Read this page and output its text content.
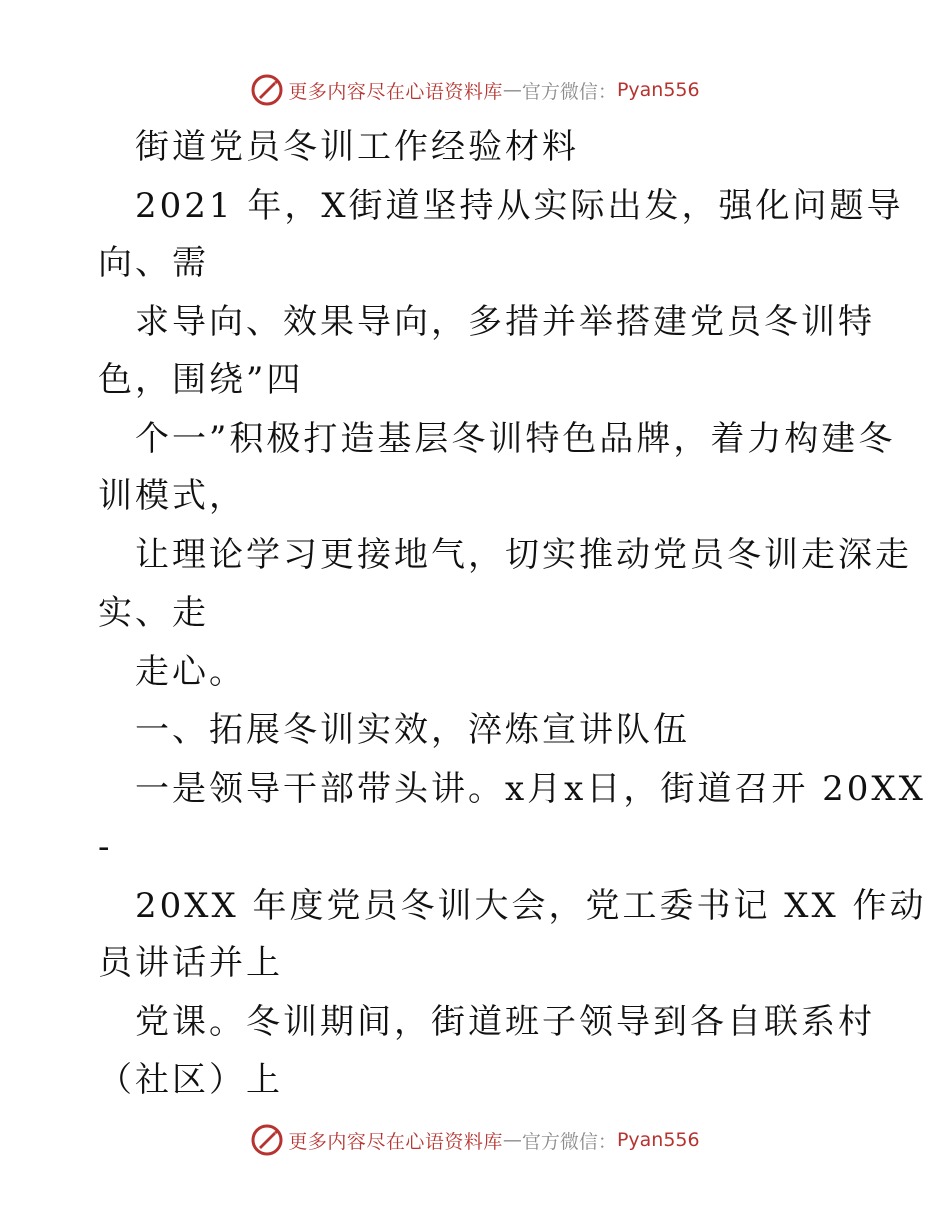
更多内容尽在心语资料库 — 官方微信： Pyan556
街道党员冬训工作经验材料
2021 年，X街道坚持从实际出发，强化问题导
向、需
求导向、效果导向，多措并举搭建党员冬训特
色，围绕”四
个一”积极打造基层冬训特色品牌，着力构建冬
训模式，
让理论学习更接地气，切实推动党员冬训走深走
实、走
走心。
一、拓展冬训实效，淬炼宣讲队伍
一是领导干部带头讲。x月x日，街道召开 20XX
-
20XX 年度党员冬训大会，党工委书记 XX 作动
员讲话并上
党课。冬训期间，街道班子领导到各自联系村
（社区）上
更多内容尽在心语资料库 — 官方微信： Pyan556
